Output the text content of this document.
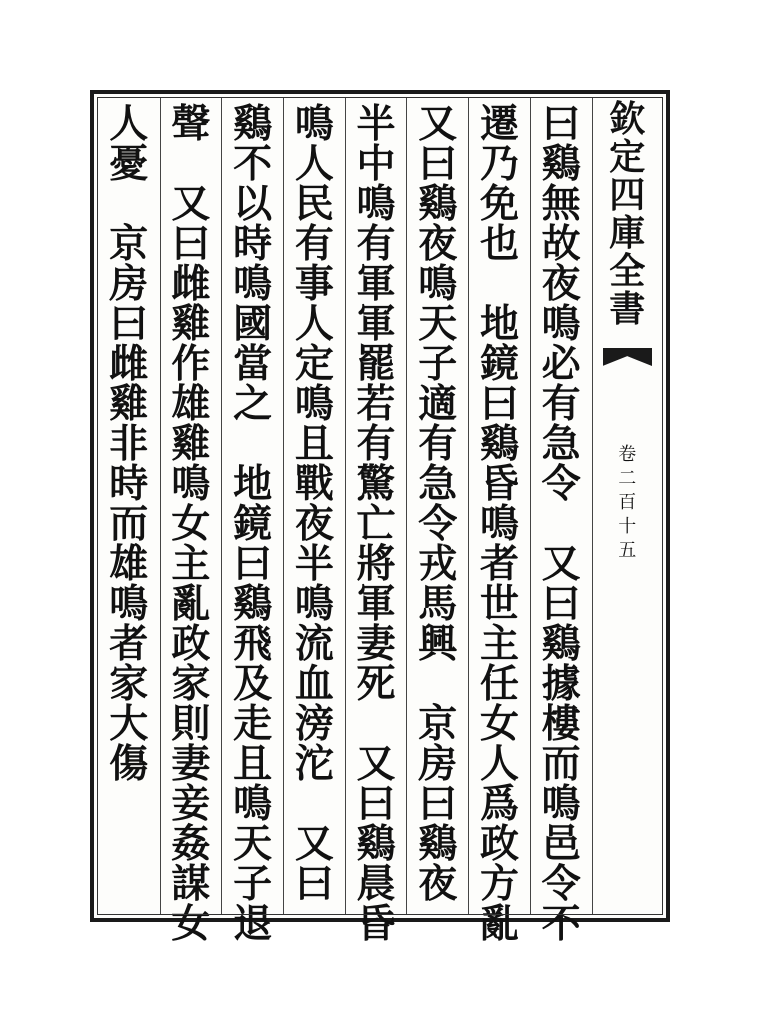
欽
定
四
庫
全
書
卷
二
百
十
五
曰
鷄
無
故
夜
鳴
必
有
急
令

又
曰
鷄
據
樓
而
鳴
邑
令
不
遷
乃
免
也

地
鏡
曰
鷄
昏
鳴
者
世
主
任
女
人
爲
政
方
亂
又
曰
鷄
夜
鳴
天
子
適
有
急
令
戎
馬
興

京
房
曰
鷄
夜
半
中
鳴
有
軍
軍
罷
若
有
驚
亡
將
軍
妻
死

又
曰
鷄
晨
昏
鳴
人
民
有
事
人
定
鳴
且
戰
夜
半
鳴
流
血
滂
沱

又
曰
鷄
不
以
時
鳴
國
當
之

地
鏡
曰
鷄
飛
及
走
且
鳴
天
子
退
聲

又
曰
雌
雞
作
雄
雞
鳴
女
主
亂
政
家
則
妻
妾
姦
謀
女
人
憂

京
房
曰
雌
雞
非
時
而
雄
鳴
者
家
大
傷
